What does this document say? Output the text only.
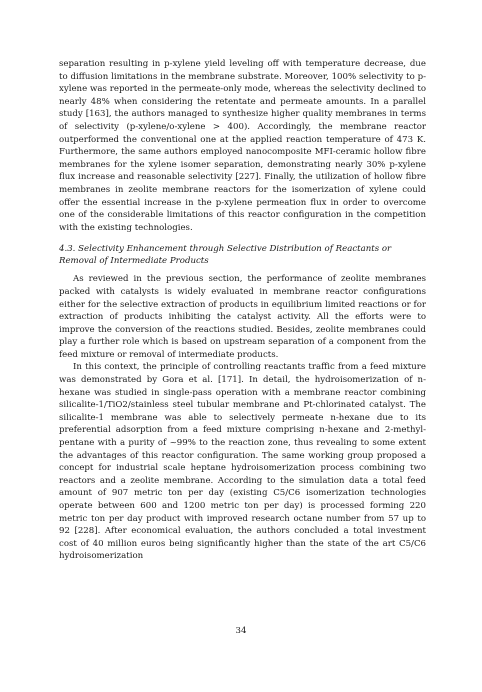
separation resulting in p-xylene yield leveling off with temperature decrease, due to diffusion limitations in the membrane substrate. Moreover, 100% selectivity to p-xylene was reported in the permeate-only mode, whereas the selectivity declined to nearly 48% when considering the retentate and permeate amounts. In a parallel study [163], the authors managed to synthesize higher quality membranes in terms of selectivity (p-xylene/o-xylene > 400). Accordingly, the membrane reactor outperformed the conventional one at the applied reaction temperature of 473 K. Furthermore, the same authors employed nanocomposite MFI-ceramic hollow fibre membranes for the xylene isomer separation, demonstrating nearly 30% p-xylene flux increase and reasonable selectivity [227]. Finally, the utilization of hollow fibre membranes in zeolite membrane reactors for the isomerization of xylene could offer the essential increase in the p-xylene permeation flux in order to overcome one of the considerable limitations of this reactor configuration in the competition with the existing technologies.

4.3. Selectivity Enhancement through Selective Distribution of Reactants or Removal of Intermediate Products

As reviewed in the previous section, the performance of zeolite membranes packed with catalysts is widely evaluated in membrane reactor configurations either for the selective extraction of products in equilibrium limited reactions or for extraction of products inhibiting the catalyst activity. All the efforts were to improve the conversion of the reactions studied. Besides, zeolite membranes could play a further role which is based on upstream separation of a component from the feed mixture or removal of intermediate products.

In this context, the principle of controlling reactants traffic from a feed mixture was demonstrated by Gora et al. [171]. In detail, the hydroisomerization of n-hexane was studied in single-pass operation with a membrane reactor combining silicalite-1/TiO2/stainless steel tubular membrane and Pt-chlorinated catalyst. The silicalite-1 membrane was able to selectively permeate n-hexane due to its preferential adsorption from a feed mixture comprising n-hexane and 2-methyl-pentane with a purity of ~99% to the reaction zone, thus revealing to some extent the advantages of this reactor configuration. The same working group proposed a concept for industrial scale heptane hydroisomerization process combining two reactors and a zeolite membrane. According to the simulation data a total feed amount of 907 metric ton per day (existing C5/C6 isomerization technologies operate between 600 and 1200 metric ton per day) is processed forming 220 metric ton per day product with improved research octane number from 57 up to 92 [228]. After economical evaluation, the authors concluded a total investment cost of 40 million euros being significantly higher than the state of the art C5/C6 hydroisomerization

34
